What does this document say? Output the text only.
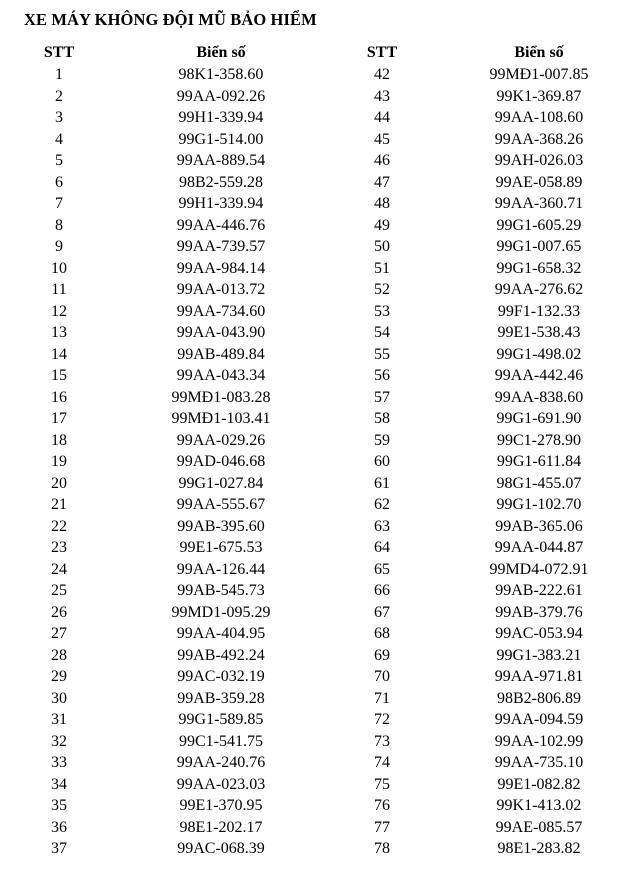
XE MÁY KHÔNG ĐỘI MŨ BẢO HIỂM
STT	Biển số	STT	Biển số
1	98K1-358.60	42	99MĐ1-007.85
2	99AA-092.26	43	99K1-369.87
3	99H1-339.94	44	99AA-108.60
4	99G1-514.00	45	99AA-368.26
5	99AA-889.54	46	99AH-026.03
6	98B2-559.28	47	99AE-058.89
7	99H1-339.94	48	99AA-360.71
8	99AA-446.76	49	99G1-605.29
9	99AA-739.57	50	99G1-007.65
10	99AA-984.14	51	99G1-658.32
11	99AA-013.72	52	99AA-276.62
12	99AA-734.60	53	99F1-132.33
13	99AA-043.90	54	99E1-538.43
14	99AB-489.84	55	99G1-498.02
15	99AA-043.34	56	99AA-442.46
16	99MĐ1-083.28	57	99AA-838.60
17	99MĐ1-103.41	58	99G1-691.90
18	99AA-029.26	59	99C1-278.90
19	99AD-046.68	60	99G1-611.84
20	99G1-027.84	61	98G1-455.07
21	99AA-555.67	62	99G1-102.70
22	99AB-395.60	63	99AB-365.06
23	99E1-675.53	64	99AA-044.87
24	99AA-126.44	65	99MD4-072.91
25	99AB-545.73	66	99AB-222.61
26	99MD1-095.29	67	99AB-379.76
27	99AA-404.95	68	99AC-053.94
28	99AB-492.24	69	99G1-383.21
29	99AC-032.19	70	99AA-971.81
30	99AB-359.28	71	98B2-806.89
31	99G1-589.85	72	99AA-094.59
32	99C1-541.75	73	99AA-102.99
33	99AA-240.76	74	99AA-735.10
34	99AA-023.03	75	99E1-082.82
35	99E1-370.95	76	99K1-413.02
36	98E1-202.17	77	99AE-085.57
37	99AC-068.39	78	98E1-283.82
